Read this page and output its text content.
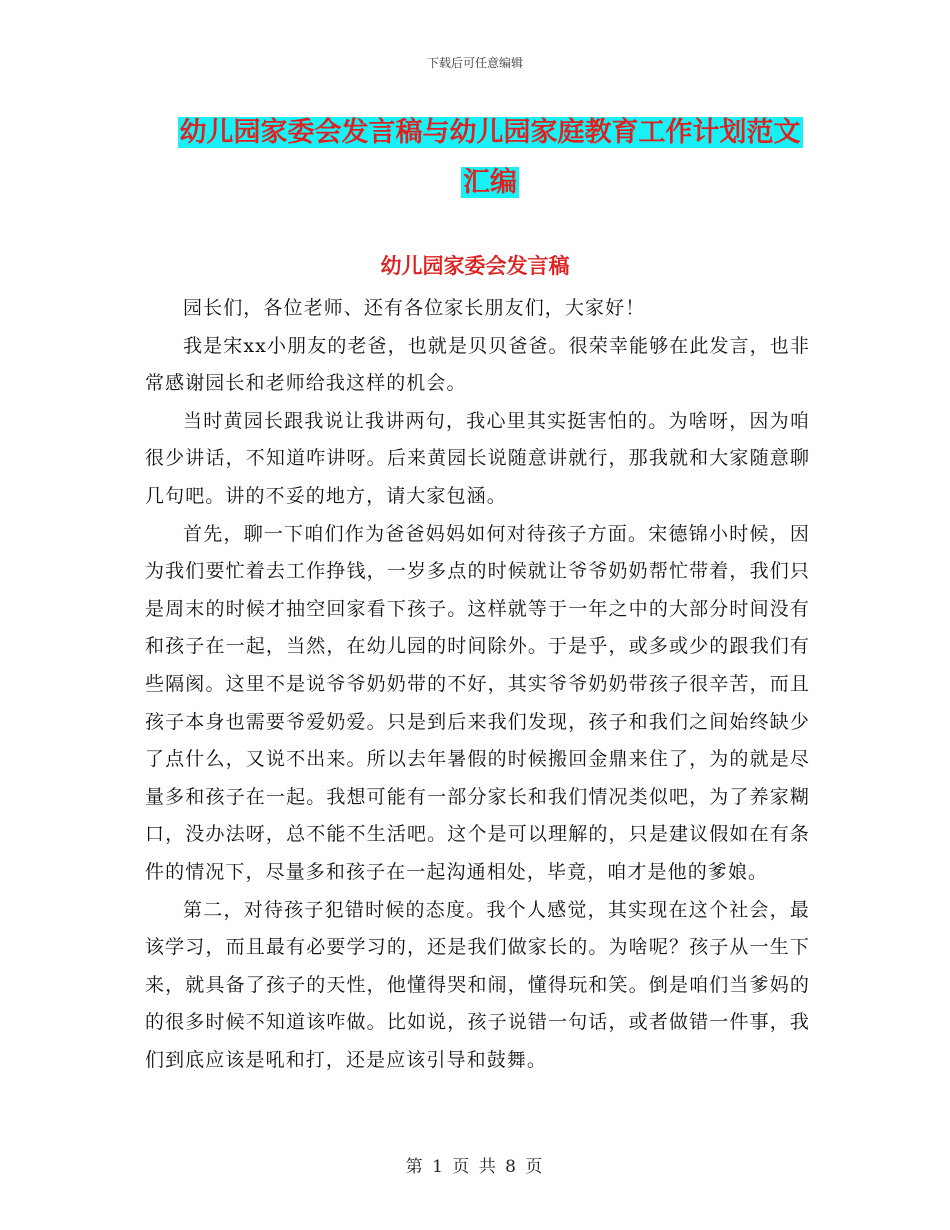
下载后可任意编辑
幼儿园家委会发言稿与幼儿园家庭教育工作计划范文
汇编
幼儿园家委会发言稿

园长们，各位老师、还有各位家长朋友们，大家好！

我是宋xx小朋友的老爸，也就是贝贝爸爸。很荣幸能够在此发言，也非常感谢园长和老师给我这样的机会。

当时黄园长跟我说让我讲两句，我心里其实挺害怕的。为啥呀，因为咱很少讲话，不知道咋讲呀。后来黄园长说随意讲就行，那我就和大家随意聊几句吧。讲的不妥的地方，请大家包涵。

首先，聊一下咱们作为爸爸妈妈如何对待孩子方面。宋德锦小时候，因为我们要忙着去工作挣钱，一岁多点的时候就让爷爷奶奶帮忙带着，我们只是周末的时候才抽空回家看下孩子。这样就等于一年之中的大部分时间没有和孩子在一起，当然，在幼儿园的时间除外。于是乎，或多或少的跟我们有些隔阂。这里不是说爷爷奶奶带的不好，其实爷爷奶奶带孩子很辛苦，而且孩子本身也需要爷爱奶爱。只是到后来我们发现，孩子和我们之间始终缺少了点什么，又说不出来。所以去年暑假的时候搬回金鼎来住了，为的就是尽量多和孩子在一起。我想可能有一部分家长和我们情况类似吧，为了养家糊口，没办法呀，总不能不生活吧。这个是可以理解的，只是建议假如在有条件的情况下，尽量多和孩子在一起沟通相处，毕竟，咱才是他的爹娘。

第二，对待孩子犯错时候的态度。我个人感觉，其实现在这个社会，最该学习，而且最有必要学习的，还是我们做家长的。为啥呢？孩子从一生下来，就具备了孩子的天性，他懂得哭和闹，懂得玩和笑。倒是咱们当爹妈的的很多时候不知道该咋做。比如说，孩子说错一句话，或者做错一件事，我们到底应该是吼和打，还是应该引导和鼓舞。

第 1 页 共 8 页
